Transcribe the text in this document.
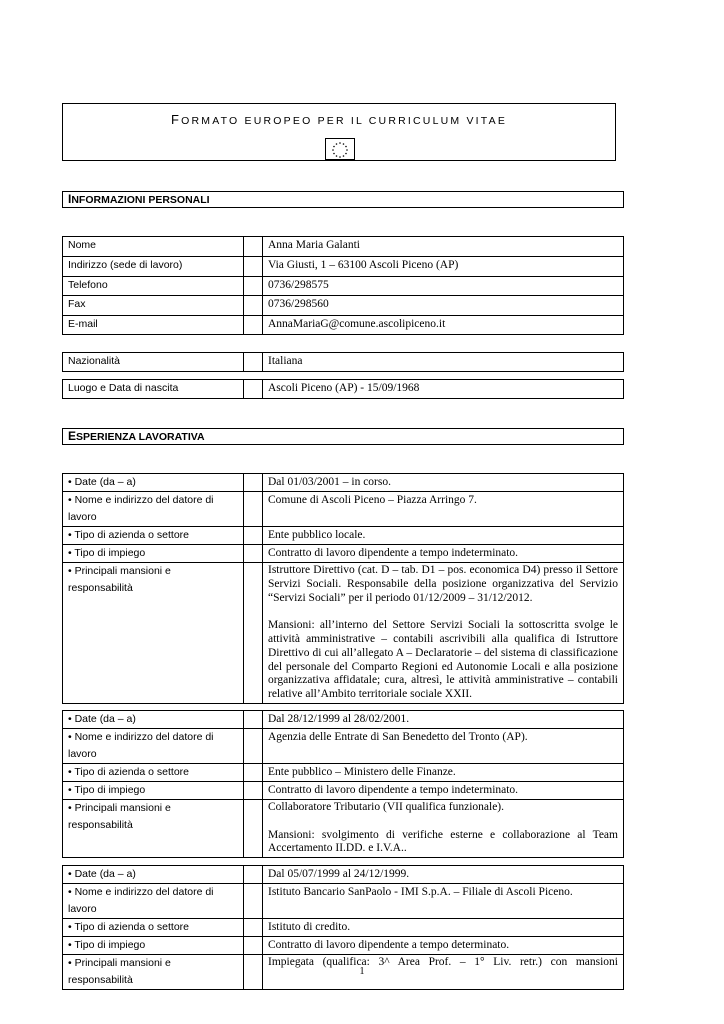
FORMATO EUROPEO PER IL CURRICULUM VITAE
INFORMAZIONI PERSONALI
Nome		Anna Maria Galanti
Indirizzo (sede di lavoro)		Via Giusti, 1 – 63100 Ascoli Piceno (AP)
Telefono		0736/298575
Fax		0736/298560
E-mail		AnnaMariaG@comune.ascolipiceno.it
Nazionalità		Italiana
Luogo e Data di nascita		Ascoli Piceno (AP) - 15/09/1968
ESPERIENZA LAVORATIVA
• Date (da – a)		Dal 01/03/2001 – in corso.
• Nome e indirizzo del datore di lavoro		Comune di Ascoli Piceno – Piazza Arringo 7.
• Tipo di azienda o settore		Ente pubblico locale.
• Tipo di impiego		Contratto di lavoro dipendente a tempo indeterminato.
• Principali mansioni e responsabilità		Istruttore Direttivo (cat. D – tab. D1 – pos. economica D4) presso il Settore Servizi Sociali. Responsabile della posizione organizzativa del Servizio “Servizi Sociali” per il periodo 01/12/2009 – 31/12/2012.

Mansioni: all’interno del Settore Servizi Sociali la sottoscritta svolge le attività amministrative – contabili ascrivibili alla qualifica di Istruttore Direttivo di cui all’allegato A – Declaratorie – del sistema di classificazione del personale del Comparto Regioni ed Autonomie Locali e alla posizione organizzativa affidatale; cura, altresì, le attività amministrative – contabili relative all’Ambito territoriale sociale XXII.

• Date (da – a)		Dal 28/12/1999 al 28/02/2001.
• Nome e indirizzo del datore di lavoro		Agenzia delle Entrate di San Benedetto del Tronto (AP).
• Tipo di azienda o settore		Ente pubblico – Ministero delle Finanze.
• Tipo di impiego		Contratto di lavoro dipendente a tempo indeterminato.
• Principali mansioni e responsabilità		Collaboratore Tributario (VII qualifica funzionale).

Mansioni: svolgimento di verifiche esterne e collaborazione al Team Accertamento II.DD. e I.V.A..

• Date (da – a)		Dal 05/07/1999 al 24/12/1999.
• Nome e indirizzo del datore di lavoro		Istituto Bancario SanPaolo - IMI S.p.A. – Filiale di Ascoli Piceno.
• Tipo di azienda o settore		Istituto di credito.
• Tipo di impiego		Contratto di lavoro dipendente a tempo determinato.
• Principali mansioni e responsabilità		Impiegata (qualifica: 3^ Area Prof. – 1° Liv. retr.) con mansioni

1
